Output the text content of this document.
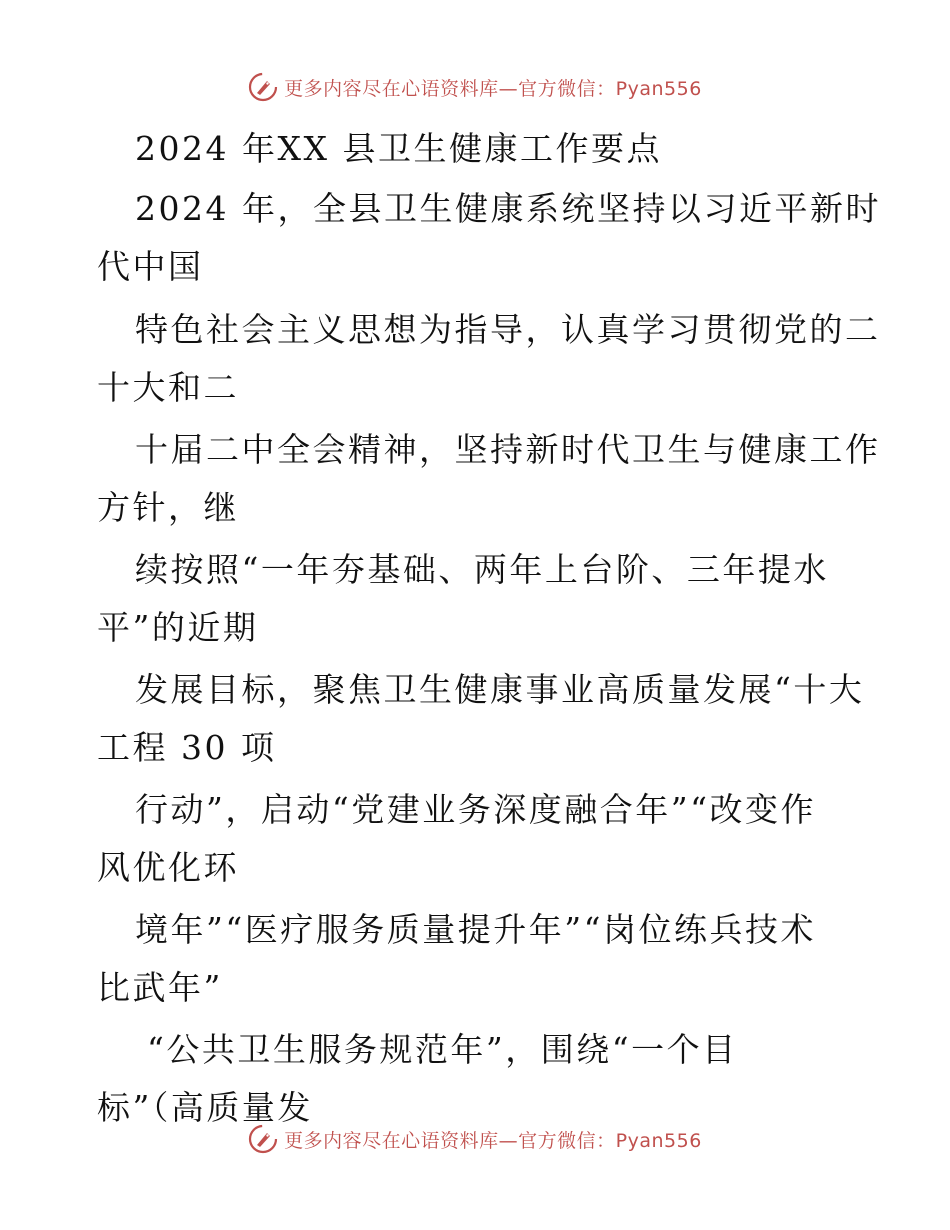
更多内容尽在心语资料库—官方微信：Pyan556
2024 年XX 县卫生健康工作要点
2024 年，全县卫生健康系统坚持以习近平新时
代中国
特色社会主义思想为指导，认真学习贯彻党的二
十大和二
十届二中全会精神，坚持新时代卫生与健康工作
方针，继
续按照“一年夯基础、两年上台阶、三年提水
平”的近期
发展目标，聚焦卫生健康事业高质量发展“十大
工程 30 项
行动”，启动“党建业务深度融合年”“改变作
风优化环
境年”“医疗服务质量提升年”“岗位练兵技术
比武年”
“公共卫生服务规范年”，围绕“一个目
标”（高质量发
更多内容尽在心语资料库—官方微信：Pyan556
